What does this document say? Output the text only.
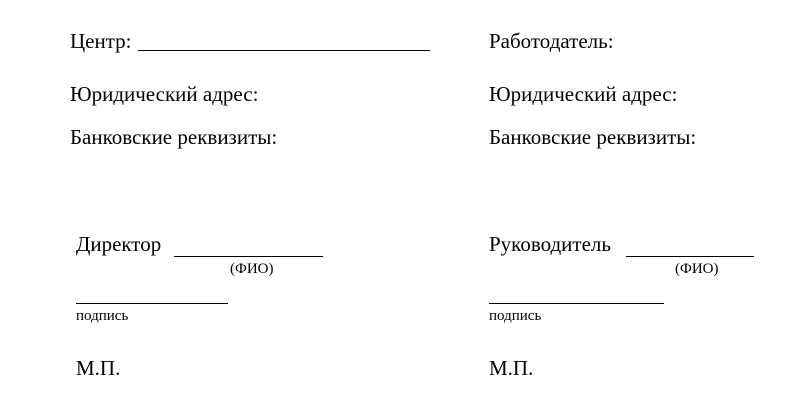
Центр:
Юридический адрес:
Банковские реквизиты:
Директор
(ФИО)
подпись
М.П.
Работодатель:
Юридический адрес:
Банковские реквизиты:
Руководитель
(ФИО)
подпись
М.П.
